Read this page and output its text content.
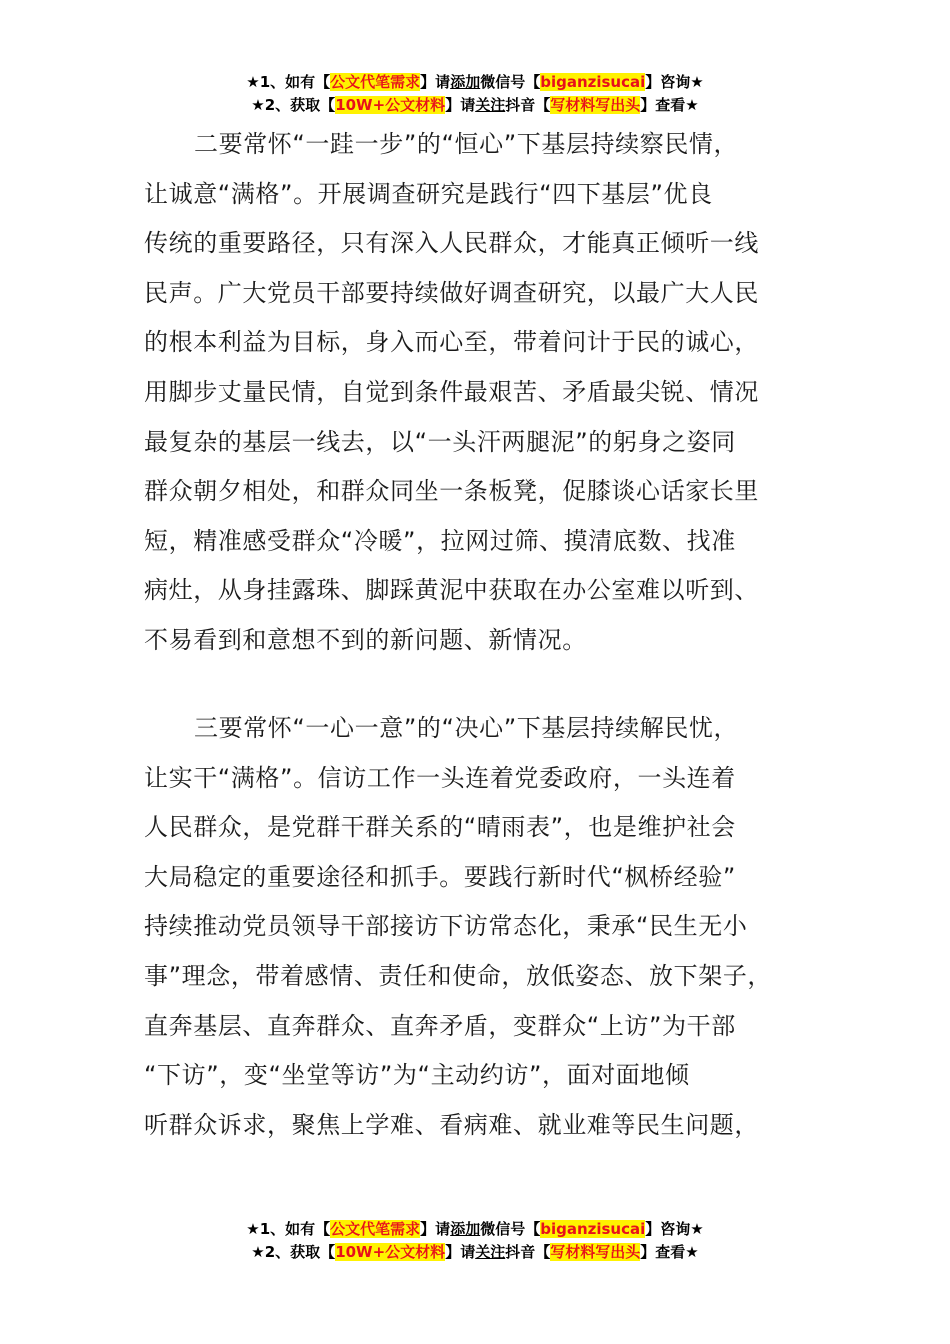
★1、如有【公文代笔需求】请添加微信号【biganzisucai】咨询★
★2、获取【10W+公文材料】请关注抖音【写材料写出头】查看★
二要常怀“一跬一步”的“恒心”下基层持续察民情，
让诚意“满格”。开展调查研究是践行“四下基层”优良
传统的重要路径，只有深入人民群众，才能真正倾听一线
民声。广大党员干部要持续做好调查研究，以最广大人民
的根本利益为目标，身入而心至，带着问计于民的诚心，
用脚步丈量民情，自觉到条件最艰苦、矛盾最尖锐、情况
最复杂的基层一线去，以“一头汗两腿泥”的躬身之姿同
群众朝夕相处，和群众同坐一条板凳，促膝谈心话家长里
短，精准感受群众“冷暖”，拉网过筛、摸清底数、找准
病灶，从身挂露珠、脚踩黄泥中获取在办公室难以听到、
不易看到和意想不到的新问题、新情况。
三要常怀“一心一意”的“决心”下基层持续解民忧，
让实干“满格”。信访工作一头连着党委政府，一头连着
人民群众，是党群干群关系的“晴雨表”，也是维护社会
大局稳定的重要途径和抓手。要践行新时代“枫桥经验”
持续推动党员领导干部接访下访常态化，秉承“民生无小
事”理念，带着感情、责任和使命，放低姿态、放下架子，
直奔基层、直奔群众、直奔矛盾，变群众“上访”为干部
“下访”，变“坐堂等访”为“主动约访”，面对面地倾
听群众诉求，聚焦上学难、看病难、就业难等民生问题，
★1、如有【公文代笔需求】请添加微信号【biganzisucai】咨询★
★2、获取【10W+公文材料】请关注抖音【写材料写出头】查看★
